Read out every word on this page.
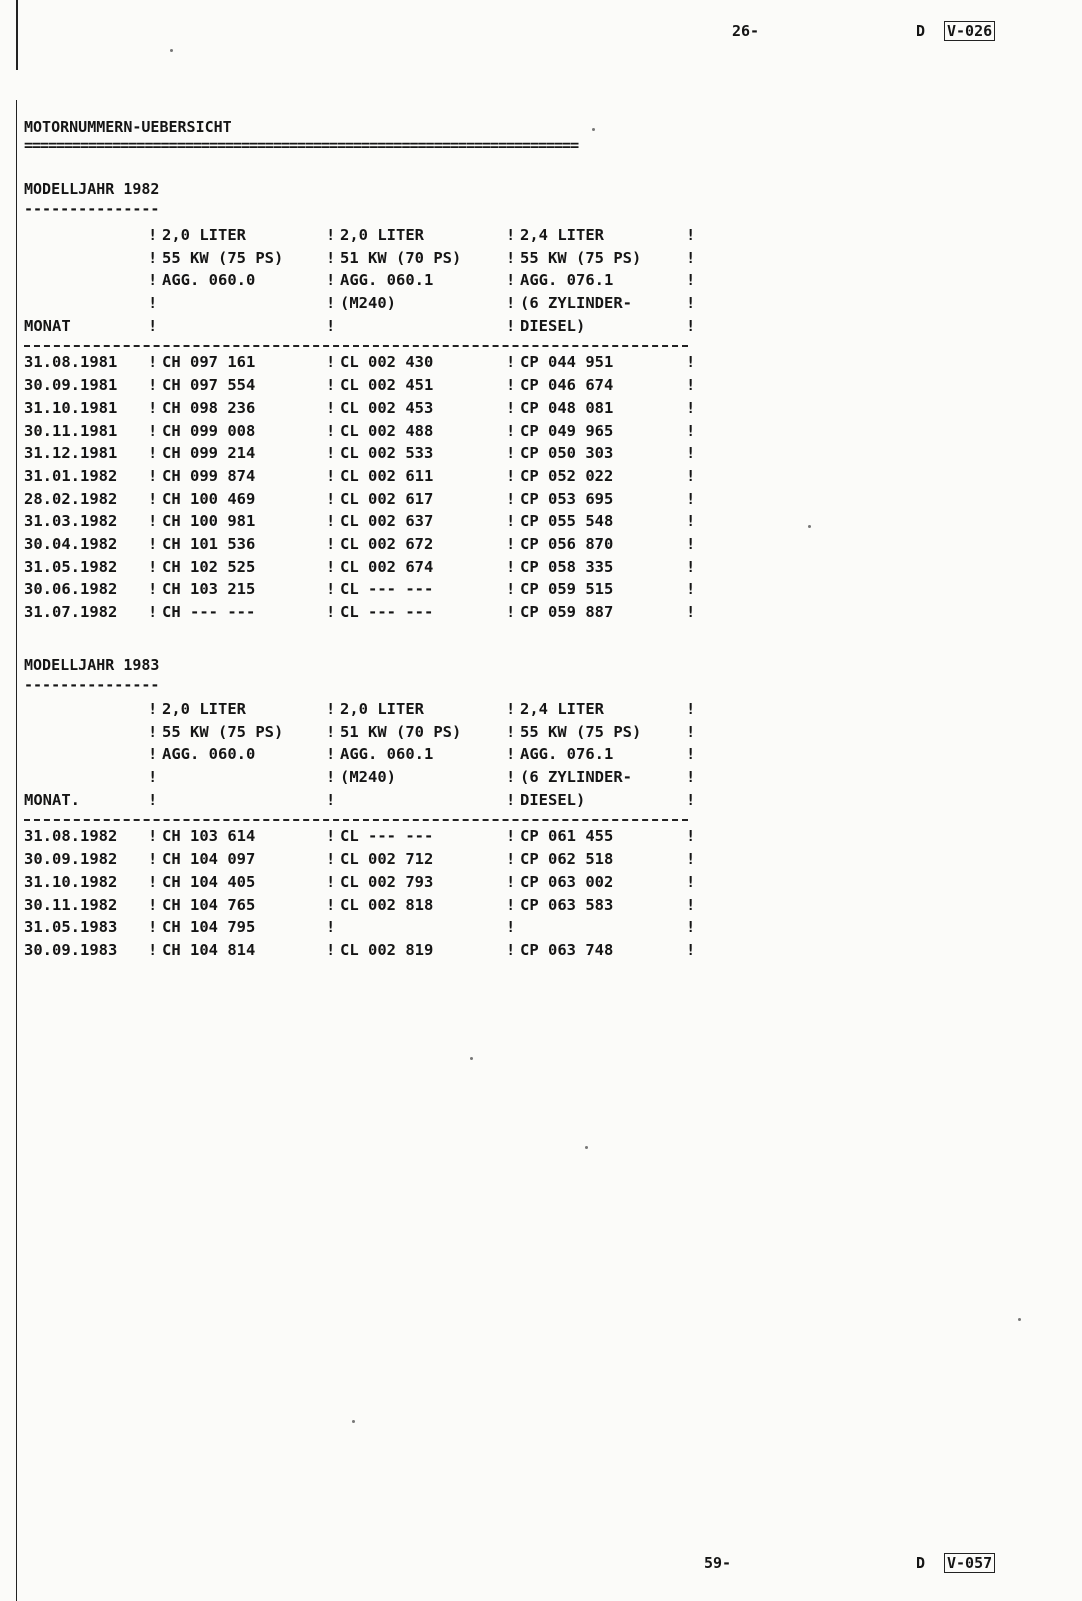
26-	D V-026
MOTORNUMMERN-UEBERSICHT
=====================================================================
MODELLJAHR 1982
---------------
	! 2,0 LITER	! 2,0 LITER	! 2,4 LITER	!
	! 55 KW (75 PS)	! 51 KW (70 PS)	! 55 KW (75 PS)	!
	! AGG. 060.0	! AGG. 060.1	! AGG. 076.1	!
	!	! (M240)	! (6 ZYLINDER-	!
MONAT	!	!	! DIESEL)	!

31.08.1981	! CH 097 161	! CL 002 430	! CP 044 951	!
30.09.1981	! CH 097 554	! CL 002 451	! CP 046 674	!
31.10.1981	! CH 098 236	! CL 002 453	! CP 048 081	!
30.11.1981	! CH 099 008	! CL 002 488	! CP 049 965	!
31.12.1981	! CH 099 214	! CL 002 533	! CP 050 303	!
31.01.1982	! CH 099 874	! CL 002 611	! CP 052 022	!
28.02.1982	! CH 100 469	! CL 002 617	! CP 053 695	!
31.03.1982	! CH 100 981	! CL 002 637	! CP 055 548	!
30.04.1982	! CH 101 536	! CL 002 672	! CP 056 870	!
31.05.1982	! CH 102 525	! CL 002 674	! CP 058 335	!
30.06.1982	! CH 103 215	! CL --- ---	! CP 059 515	!
31.07.1982	! CH --- ---	! CL --- ---	! CP 059 887	!
MODELLJAHR 1983
---------------
	! 2,0 LITER	! 2,0 LITER	! 2,4 LITER	!
	! 55 KW (75 PS)	! 51 KW (70 PS)	! 55 KW (75 PS)	!
	! AGG. 060.0	! AGG. 060.1	! AGG. 076.1	!
	!	! (M240)	! (6 ZYLINDER-	!
MONAT.	!	!	! DIESEL)	!

31.08.1982	! CH 103 614	! CL --- ---	! CP 061 455	!
30.09.1982	! CH 104 097	! CL 002 712	! CP 062 518	!
31.10.1982	! CH 104 405	! CL 002 793	! CP 063 002	!
30.11.1982	! CH 104 765	! CL 002 818	! CP 063 583	!
31.05.1983	! CH 104 795	!	!	!
30.09.1983	! CH 104 814	! CL 002 819	! CP 063 748	!
59-	D V-057
